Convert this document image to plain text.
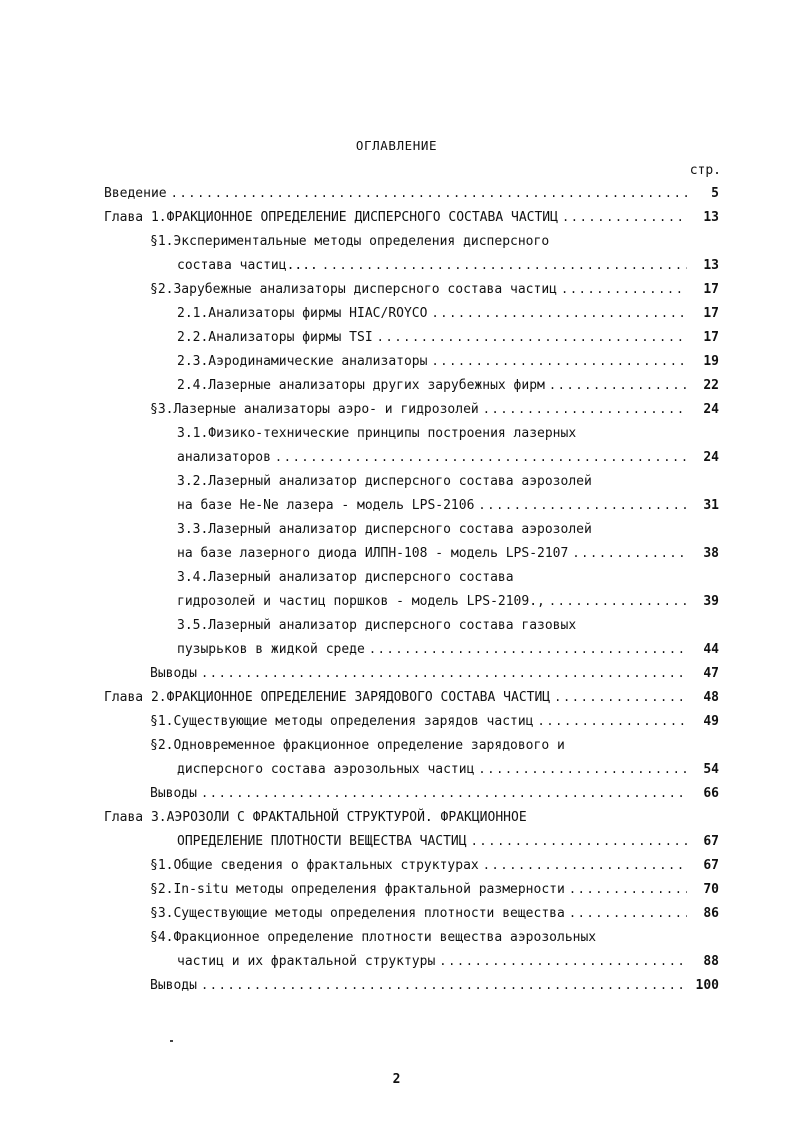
ОГЛАВЛЕНИЕ
стр.
Введение .....	5
Глава 1.ФРАКЦИОННОЕ ОПРЕДЕЛЕНИЕ ДИСПЕРСНОГО СОСТАВА ЧАСТИЦ .....	13
§1.Экспериментальные методы определения дисперсного
состава частиц.... .....	13
§2.Зарубежные анализаторы дисперсного состава частиц .....	17
2.1.Анализаторы фирмы HIAC/ROYCO .....	17
2.2.Анализаторы фирмы TSI .....	17
2.3.Аэродинамические анализаторы .....	19
2.4.Лазерные анализаторы других зарубежных фирм .....	22
§3.Лазерные анализаторы аэро- и гидрозолей .....	24
3.1.Физико-технические принципы построения лазерных
анализаторов .....	24
3.2.Лазерный анализатор дисперсного состава аэрозолей
на базе He-Ne лазера - модель LPS-2106 .....	31
3.3.Лазерный анализатор дисперсного состава аэрозолей
на базе лазерного диода ИЛПН-108 - модель LPS-2107 .....	38
3.4.Лазерный анализатор дисперсного состава
гидрозолей и частиц поршков - модель LPS-2109., .....	39
3.5.Лазерный анализатор дисперсного состава газовых
пузырьков в жидкой среде .....	44
Выводы .....	47
Глава 2.ФРАКЦИОННОЕ ОПРЕДЕЛЕНИЕ ЗАРЯДОВОГО СОСТАВА ЧАСТИЦ .....	48
§1.Существующие методы определения зарядов частиц .....	49
§2.Одновременное фракционное определение зарядового и
дисперсного состава аэрозольных частиц .....	54
Выводы .....	66
Глава 3.АЭРОЗОЛИ С ФРАКТАЛЬНОЙ СТРУКТУРОЙ. ФРАКЦИОННОЕ
ОПРЕДЕЛЕНИЕ ПЛОТНОСТИ ВЕЩЕСТВА ЧАСТИЦ .....	67
§1.Общие сведения о фрактальных структурах .....	67
§2.In-situ методы определения фрактальной размерности .....	70
§3.Существующие методы определения плотности вещества .....	86
§4.Фракционное определение плотности вещества аэрозольных
частиц и их фрактальной структуры .....	88
Выводы .....	100
2
